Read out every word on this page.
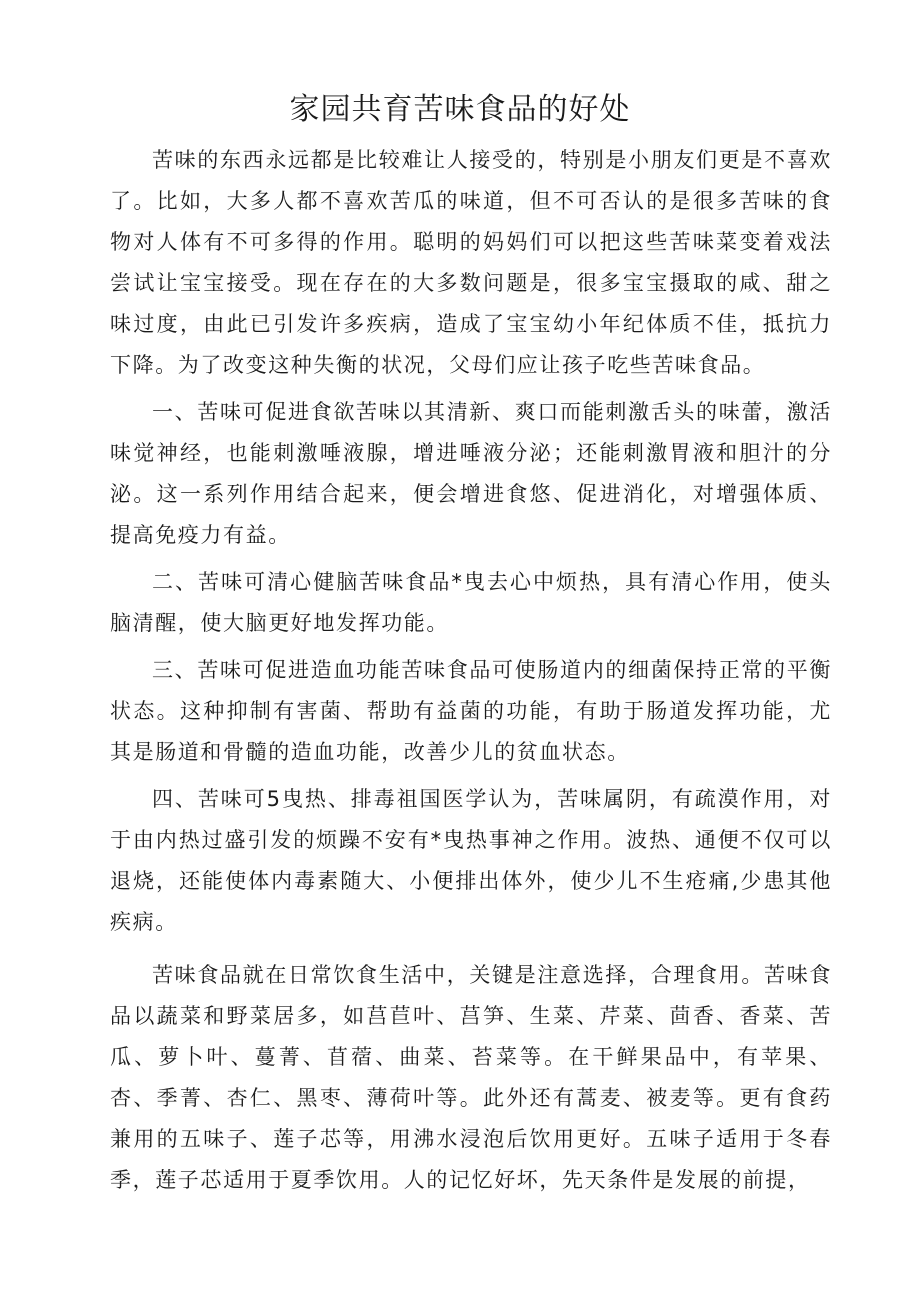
家园共育苦味食品的好处

苦味的东西永远都是比较难让人接受的，特别是小朋友们更是不喜欢了。比如，大多人都不喜欢苦瓜的味道，但不可否认的是很多苦味的食物对人体有不可多得的作用。聪明的妈妈们可以把这些苦味菜变着戏法尝试让宝宝接受。现在存在的大多数问题是，很多宝宝摄取的咸、甜之味过度，由此已引发许多疾病，造成了宝宝幼小年纪体质不佳，抵抗力下降。为了改变这种失衡的状况，父母们应让孩子吃些苦味食品。

一、苦味可促进食欲苦味以其清新、爽口而能刺激舌头的味蕾，激活味觉神经，也能刺激唾液腺，增进唾液分泌；还能刺激胃液和胆汁的分泌。这一系列作用结合起来，便会增进食悠、促进消化，对增强体质、提高免疫力有益。

二、苦味可清心健脑苦味食品*曳去心中烦热，具有清心作用，使头脑清醒，使大脑更好地发挥功能。

三、苦味可促进造血功能苦味食品可使肠道内的细菌保持正常的平衡状态。这种抑制有害菌、帮助有益菌的功能，有助于肠道发挥功能，尤其是肠道和骨髓的造血功能，改善少儿的贫血状态。

四、苦味可5曳热、排毒祖国医学认为，苦味属阴，有疏漠作用，对于由内热过盛引发的烦躁不安有*曳热事神之作用。波热、通便不仅可以退烧，还能使体内毒素随大、小便排出体外，使少儿不生疮痛,少患其他疾病。

苦味食品就在日常饮食生活中，关键是注意选择，合理食用。苦味食品以蔬菜和野菜居多，如莒苣叶、莒笋、生菜、芹菜、茴香、香菜、苦瓜、萝卜叶、蔓菁、苜蓿、曲菜、苔菜等。在干鲜果品中，有苹果、杏、季菁、杏仁、黑枣、薄荷叶等。此外还有蒿麦、被麦等。更有食药兼用的五味子、莲子芯等，用沸水浸泡后饮用更好。五味子适用于冬春季，莲子芯适用于夏季饮用。人的记忆好坏，先天条件是发展的前提，
